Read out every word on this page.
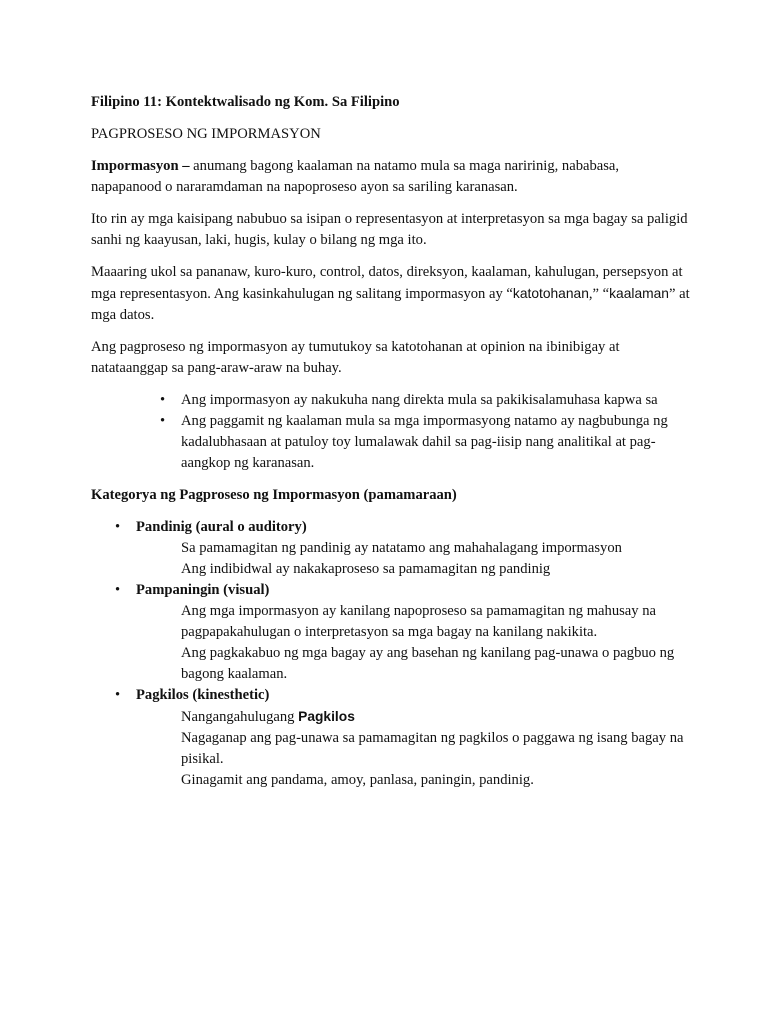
Filipino 11: Kontektwalisado ng Kom. Sa Filipino
PAGPROSESO NG IMPORMASYON
Impormasyon – anumang bagong kaalaman na natamo mula sa maga naririnig, nababasa, napapanood o nararamdaman na napoproseso ayon sa sariling karanasan.
Ito rin ay mga kaisipang nabubuo sa isipan o representasyon at interpretasyon sa mga bagay sa paligid sanhi ng kaayusan, laki, hugis, kulay o bilang ng mga ito.
Maaaring ukol sa pananaw, kuro-kuro, control, datos, direksyon, kaalaman, kahulugan, persepsyon at mga representasyon. Ang kasinkahulugan ng salitang impormasyon ay “katotohanan,” “kaalaman” at mga datos.
Ang pagproseso ng impormasyon ay tumutukoy sa katotohanan at opinion na ibinibigay at natataanggap sa pang-araw-araw na buhay.
• Ang impormasyon ay nakukuha nang direkta mula sa pakikisalamuhasa kapwa sa
• Ang paggamit ng kaalaman mula sa mga impormasyong natamo ay nagbubunga ng kadalubhasaan at patuloy toy lumalawak dahil sa pag-iisip nang analitikal at pag-aangkop ng karanasan.
Kategorya ng Pagproseso ng Impormasyon (pamamaraan)
• Pandinig (aural o auditory)
Sa pamamagitan ng pandinig ay natatamo ang mahahalagang impormasyon
Ang indibidwal ay nakakaproseso sa pamamagitan ng pandinig
• Pampaningin (visual)
Ang mga impormasyon ay kanilang napoproseso sa pamamagitan ng mahusay na pagpapakahulugan o interpretasyon sa mga bagay na kanilang nakikita.
Ang pagkakabuo ng mga bagay ay ang basehan ng kanilang pag-unawa o pagbuo ng bagong kaalaman.
• Pagkilos (kinesthetic)
Nangangahulugang Pagkilos
Nagaganap ang pag-unawa sa pamamagitan ng pagkilos o paggawa ng isang bagay na pisikal.
Ginagamit ang pandama, amoy, panlasa, paningin, pandinig.
